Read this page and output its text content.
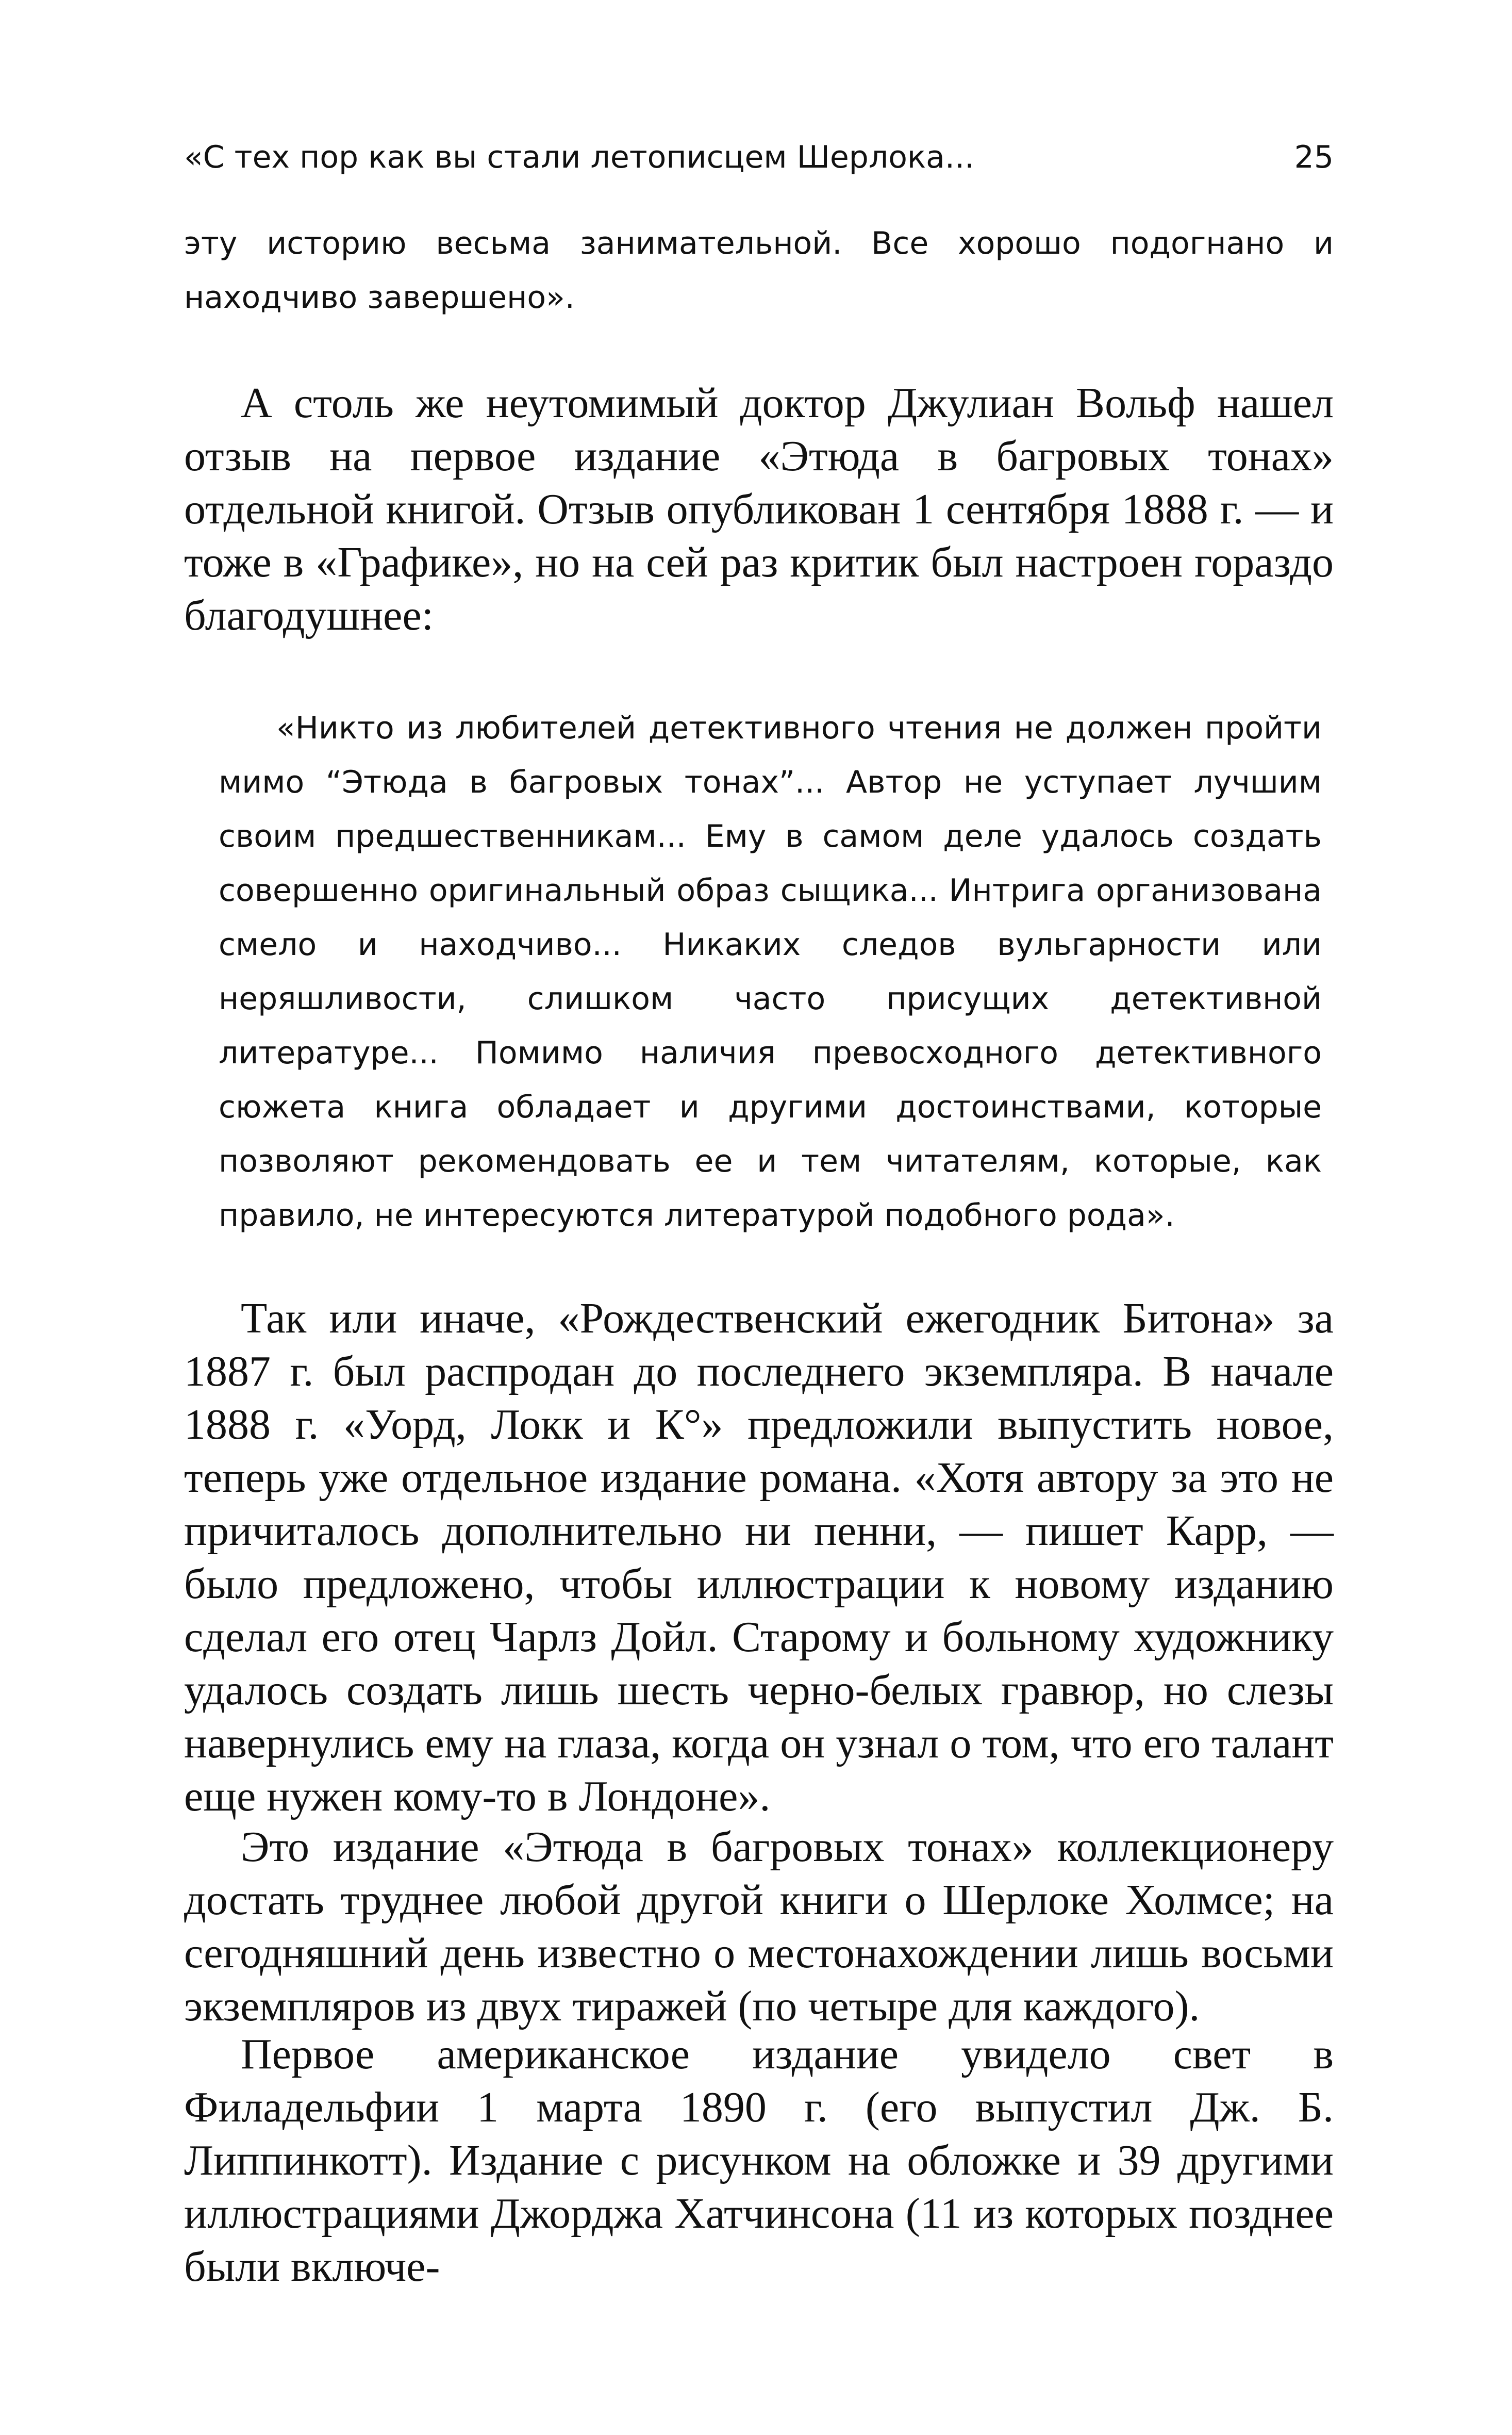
«С тех пор как вы стали летописцем Шерлока...	25

эту историю весьма занимательной. Все хорошо подогнано и находчиво завершено».

А столь же неутомимый доктор Джулиан Вольф нашел отзыв на первое издание «Этюда в багровых тонах» отдельной книгой. Отзыв опубликован 1 сентября 1888 г. — и тоже в «Графике», но на сей раз критик был настроен гораздо благодушнее:

«Никто из любителей детективного чтения не должен пройти мимо “Этюда в багровых тонах”... Автор не уступает лучшим своим предшественникам... Ему в самом деле удалось создать совершенно оригинальный образ сыщика... Интрига организована смело и находчиво... Никаких следов вульгарности или неряшливости, слишком часто присущих детективной литературе... Помимо наличия превосходного детективного сюжета книга обладает и другими достоинствами, которые позволяют рекомендовать ее и тем читателям, которые, как правило, не интересуются литературой подобного рода».

Так или иначе, «Рождественский ежегодник Битона» за 1887 г. был распродан до последнего экземпляра. В начале 1888 г. «Уорд, Локк и К°» предложили выпустить новое, теперь уже отдельное издание романа. «Хотя автору за это не причиталось дополнительно ни пенни, — пишет Карр, — было предложено, чтобы иллюстрации к новому изданию сделал его отец Чарлз Дойл. Старому и больному художнику удалось создать лишь шесть черно-белых гравюр, но слезы навернулись ему на глаза, когда он узнал о том, что его талант еще нужен кому-то в Лондоне».

Это издание «Этюда в багровых тонах» коллекционеру достать труднее любой другой книги о Шерлоке Холмсе; на сегодняшний день известно о местонахождении лишь восьми экземпляров из двух тиражей (по четыре для каждого).

Первое американское издание увидело свет в Филадельфии 1 марта 1890 г. (его выпустил Дж. Б. Липпинкотт). Издание с рисунком на обложке и 39 другими иллюстрациями Джорджа Хатчинсона (11 из которых позднее были включе-
